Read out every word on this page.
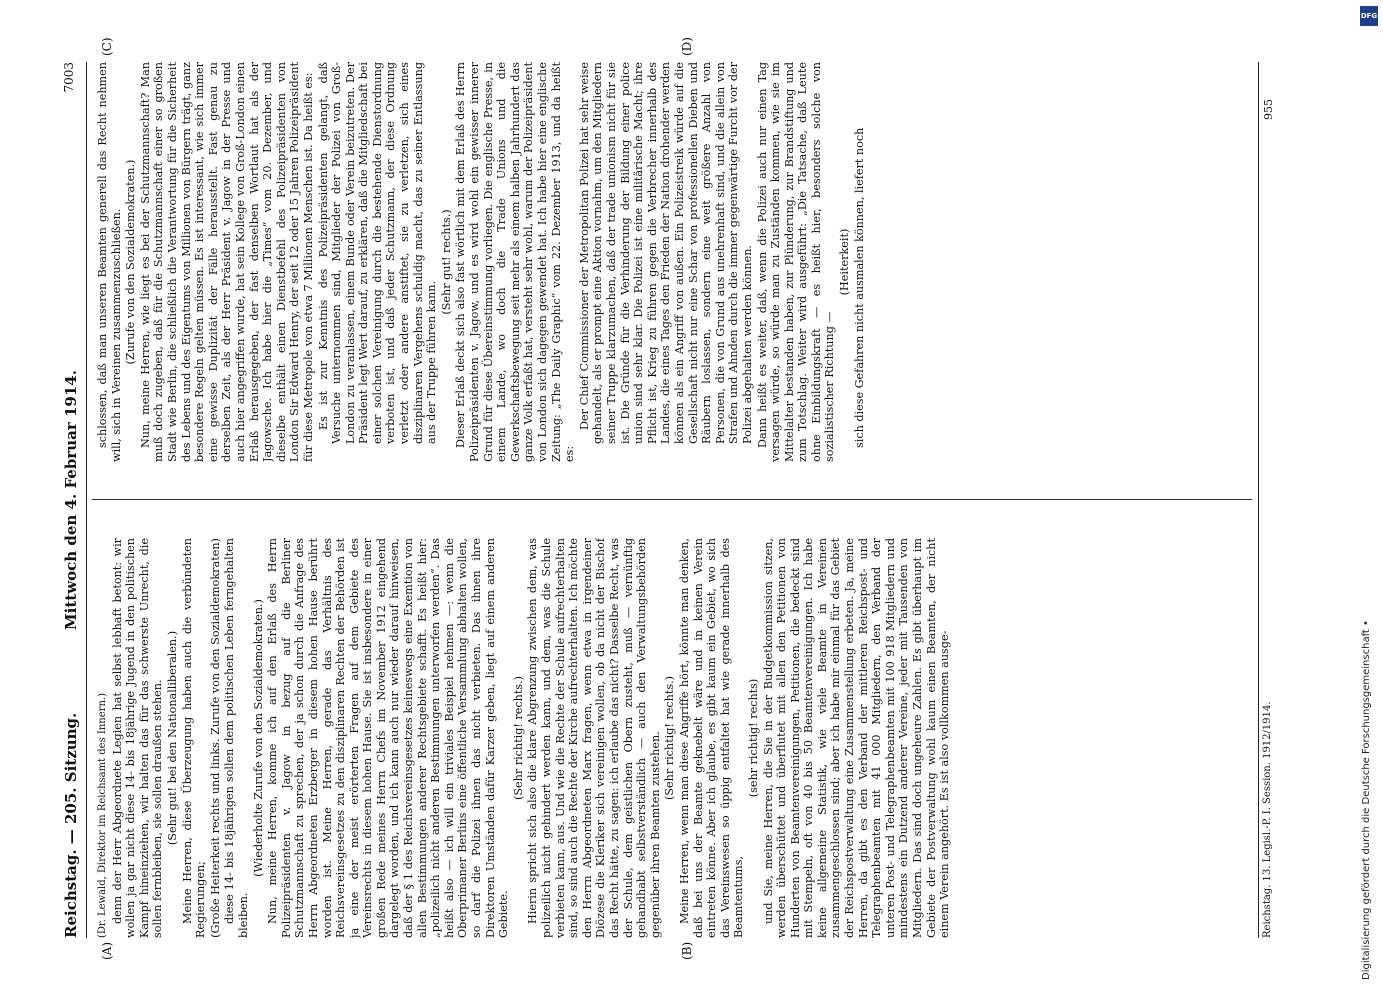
Reichstag. — 205. Sitzung.
Mittwoch den 4. Februar 1914.
7003
(A)	(B)
(C)	(D)

(Dr. Lewald, Direktor im Reichsamt des Innern.) denn der Herr Abgeordnete Legien hat selbst lebhaft betont: wir wollen ja gar nicht diese 14- bis 18jährige Jugend in den politischen Kampf hineinziehen, wir halten das für das schwerste Unrecht, die sollen fernbleiben, sie sollen draußen stehen. (Sehr gut! bei den Nationalliberalen.) Meine Herren, diese Überzeugung haben auch die verbündeten Regierungen; (Große Heiterkeit rechts und links. Zurufe von den Sozialdemokraten) diese 14- bis 18jährigen sollen dem politischen Leben ferngehalten bleiben.

(Wiederholte Zurufe von den Sozialdemokraten.) Nun, meine Herren, komme ich auf den Erlaß des Herrn Polizeipräsidenten v. Jagow in bezug auf die Berliner Schutzmannschaft zu sprechen, der ja schon durch die Anfrage des Herrn Abgeordneten Erzberger in diesem hohen Hause berührt worden ist. Meine Herren, gerade das Verhältnis des Reichsvereinsgesetzes zu den disziplinaren Rechten der Behörden ist ja eine der meist erörterten Fragen auf dem Gebiete des Vereinsrechts in diesem hohen Hause. Sie ist insbesondere in einer großen Rede meines Herrn Chefs im November 1912 eingehend dargelegt worden, und ich kann auch nur wieder darauf hinweisen, daß der § 1 des Reichsvereinsgesetzes keineswegs eine Exemtion von allen Bestimmungen anderer Rechtsgebiete schafft. Es heißt hier: „polizeilich nicht anderen Bestimmungen unterworfen werden“. Das heißt also — ich will ein triviales Beispiel nehmen —: wenn die Oberprimaner Berlins eine öffentliche Versammlung abhalten wollen, so darf die Polizei ihnen das nicht verbieten. Das ihnen ihre Direktoren Umständen dafür Karzer geben, liegt auf einem anderen Gebiete.

(Sehr richtig! rechts.) Hierin spricht sich also die klare Abgrenzung zwischen dem, was polizeilich nicht gehindert werden kann, und dem, was die Schule verbieten kann, aus. Und wie die Rechte der Schule aufrechterhalten sind, so sind auch die Rechte der Kirche aufrechterhalten. Ich möchte den Herrn Abgeordneten Marx fragen, wenn etwa in irgendeiner Diözese die Kleriker sich vereinigen wollen, ob da nicht der Bischof das Recht hätte, zu sagen: ich erlaube das nicht? Dasselbe Recht, was der Schule, dem geistlichen Obern zusteht, muß — vernünftig gehandhabt selbstverständlich — auch den Verwaltungsbehörden gegenüber ihren Beamten zustehen. (Sehr richtig! rechts.) Meine Herren, wenn man diese Angriffe hört, könnte man denken, daß bei uns der Beamte geknebelt wäre und in keinen Verein eintreten könne. Aber ich glaube, es gibt kaum ein Gebiet, wo sich das Vereinswesen so üppig entfaltet hat wie gerade innerhalb des Beamtentums,

(sehr richtig! rechts) und Sie, meine Herren, die Sie in der Budgetkommission sitzen, werden überschüttet und überflutet mit allen den Petitionen von Hunderten von Beamtenvereinigungen, Petitionen, die bedeckt sind mit Stempeln, oft von 40 bis 50 Beamtenvereinigungen. Ich habe keine allgemeine Statistik, wie viele Beamte in Vereinen zusammengeschlossen sind; aber ich habe mir einmal für das Gebiet der Reichspostverwaltung eine Zusammenstellung erbeten. Ja, meine Herren, da gibt es den Verband der mittleren Reichspost- und Telegraphenbeamten mit 41 000 Mitgliedern, den Verband der unteren Post- und Telegraphenbeamten mit 100 918 Mitgliedern und mindestens ein Dutzend anderer Vereine, jeder mit Tausenden von Mitgliedern. Das sind doch ungeheure Zahlen. Es gibt überhaupt im Gebiete der Postverwaltung wohl kaum einen Beamten, der nicht einem Verein angehört. Es ist also vollkommen ausge-

schlossen, daß man unseren Beamten generell das Recht nehmen will, sich in Vereinen zusammenzuschließen. (Zurufe von den Sozialdemokraten.) Nun, meine Herren, wie liegt es bei der Schutzmannschaft? Man muß doch zugeben, daß für die Schutzmannschaft einer so großen Stadt wie Berlin, die schließlich die Verantwortung für die Sicherheit des Lebens und des Eigentums von Millionen von Bürgern trägt, ganz besondere Regeln gelten müssen. Es ist interessant, wie sich immer eine gewisse Duplizität der Fälle herausstellt. Fast genau zu derselben Zeit, als der Herr Präsident v. Jagow in der Presse und auch hier angegriffen wurde, hat sein Kollege von Groß-London einen Erlaß herausgegeben, der fast denselben Wortlaut hat als der Jagowsche. Ich habe hier die „Times“ vom 20. Dezember, und dieselbe enthält einen Dienstbefehl des Polizeipräsidenten von London Sir Edward Henry, der seit 12 oder 15 Jahren Polizeipräsident für diese Metropole von etwa 7 Millionen Menschen ist. Da heißt es: Es ist zur Kenntnis des Polizeipräsidenten gelangt, daß Versuche unternommen sind, Mitglieder der Polizei von Groß-London zu veranlassen, einem Bunde oder Verein beizutreten. Der Präsident legt Wert darauf, zu erklären, daß die Mitgliedschaft bei einer solchen Vereinigung durch die bestehende Dienstordnung verboten ist, und daß jeder Schutzmann, der diese Ordnung verletzt oder andere anstiftet, sie zu verletzen, sich eines disziplinaren Vergehens schuldig macht, das zu seiner Entlassung aus der Truppe führen kann.

(Sehr gut! rechts.) Dieser Erlaß deckt sich also fast wörtlich mit dem Erlaß des Herrn Polizeipräsidenten v. Jagow, und es wird wohl ein gewisser innerer Grund für diese Übereinstimmung vorliegen. Die englische Presse, in einem Lande, wo doch die Trade Unions und die Gewerkschaftsbewegung seit mehr als einem halben Jahrhundert das ganze Volk erfaßt hat, versteht sehr wohl, warum der Polizeipräsident von London sich dagegen gewendet hat. Ich habe hier eine englische Zeitung: „The Daily Graphic“ vom 22. Dezember 1913, und da heißt es:

Der Chief Commissioner der Metropolitan Polizei hat sehr weise gehandelt, als er prompt eine Aktion vornahm, um den Mitgliedern seiner Truppe klarzumachen, daß der trade unionism nicht für sie ist. Die Gründe für die Verhinderung der Bildung einer police union sind sehr klar. Die Polizei ist eine militärische Macht; ihre Pflicht ist, Krieg zu führen gegen die Verbrecher innerhalb des Landes, die eines Tages den Frieden der Nation drohender werden können als ein Angriff von außen. Ein Polizeistreik würde auf die Gesellschaft nicht nur eine Schar von professionellen Dieben und Räubern loslassen, sondern eine weit größere Anzahl von Personen, die von Grund aus unehrenhaft sind, und die allein von Strafen und Ahnden durch die immer gegenwärtige Furcht vor der Polizei abgehalten werden können. Dann heißt es weiter, daß, wenn die Polizei auch nur einen Tag versagen würde, so würde man zu Zuständen kommen, wie sie im Mittelalter bestanden haben, zur Plünderung, zur Brandstiftung und zum Totschlag. Weiter wird ausgeführt: „Die Tatsache, daß Leute ohne Einbildungskraft — es heißt hier, besonders solche von sozialistischer Richtung —

(Heiterkeit) sich diese Gefahren nicht ausmalen können, liefert noch

Reichstag. 13. Legisl.-P. I. Session. 1912/1914.
955
DFG
Digitalisierung gefördert durch die Deutsche Forschungsgemeinschaft •
